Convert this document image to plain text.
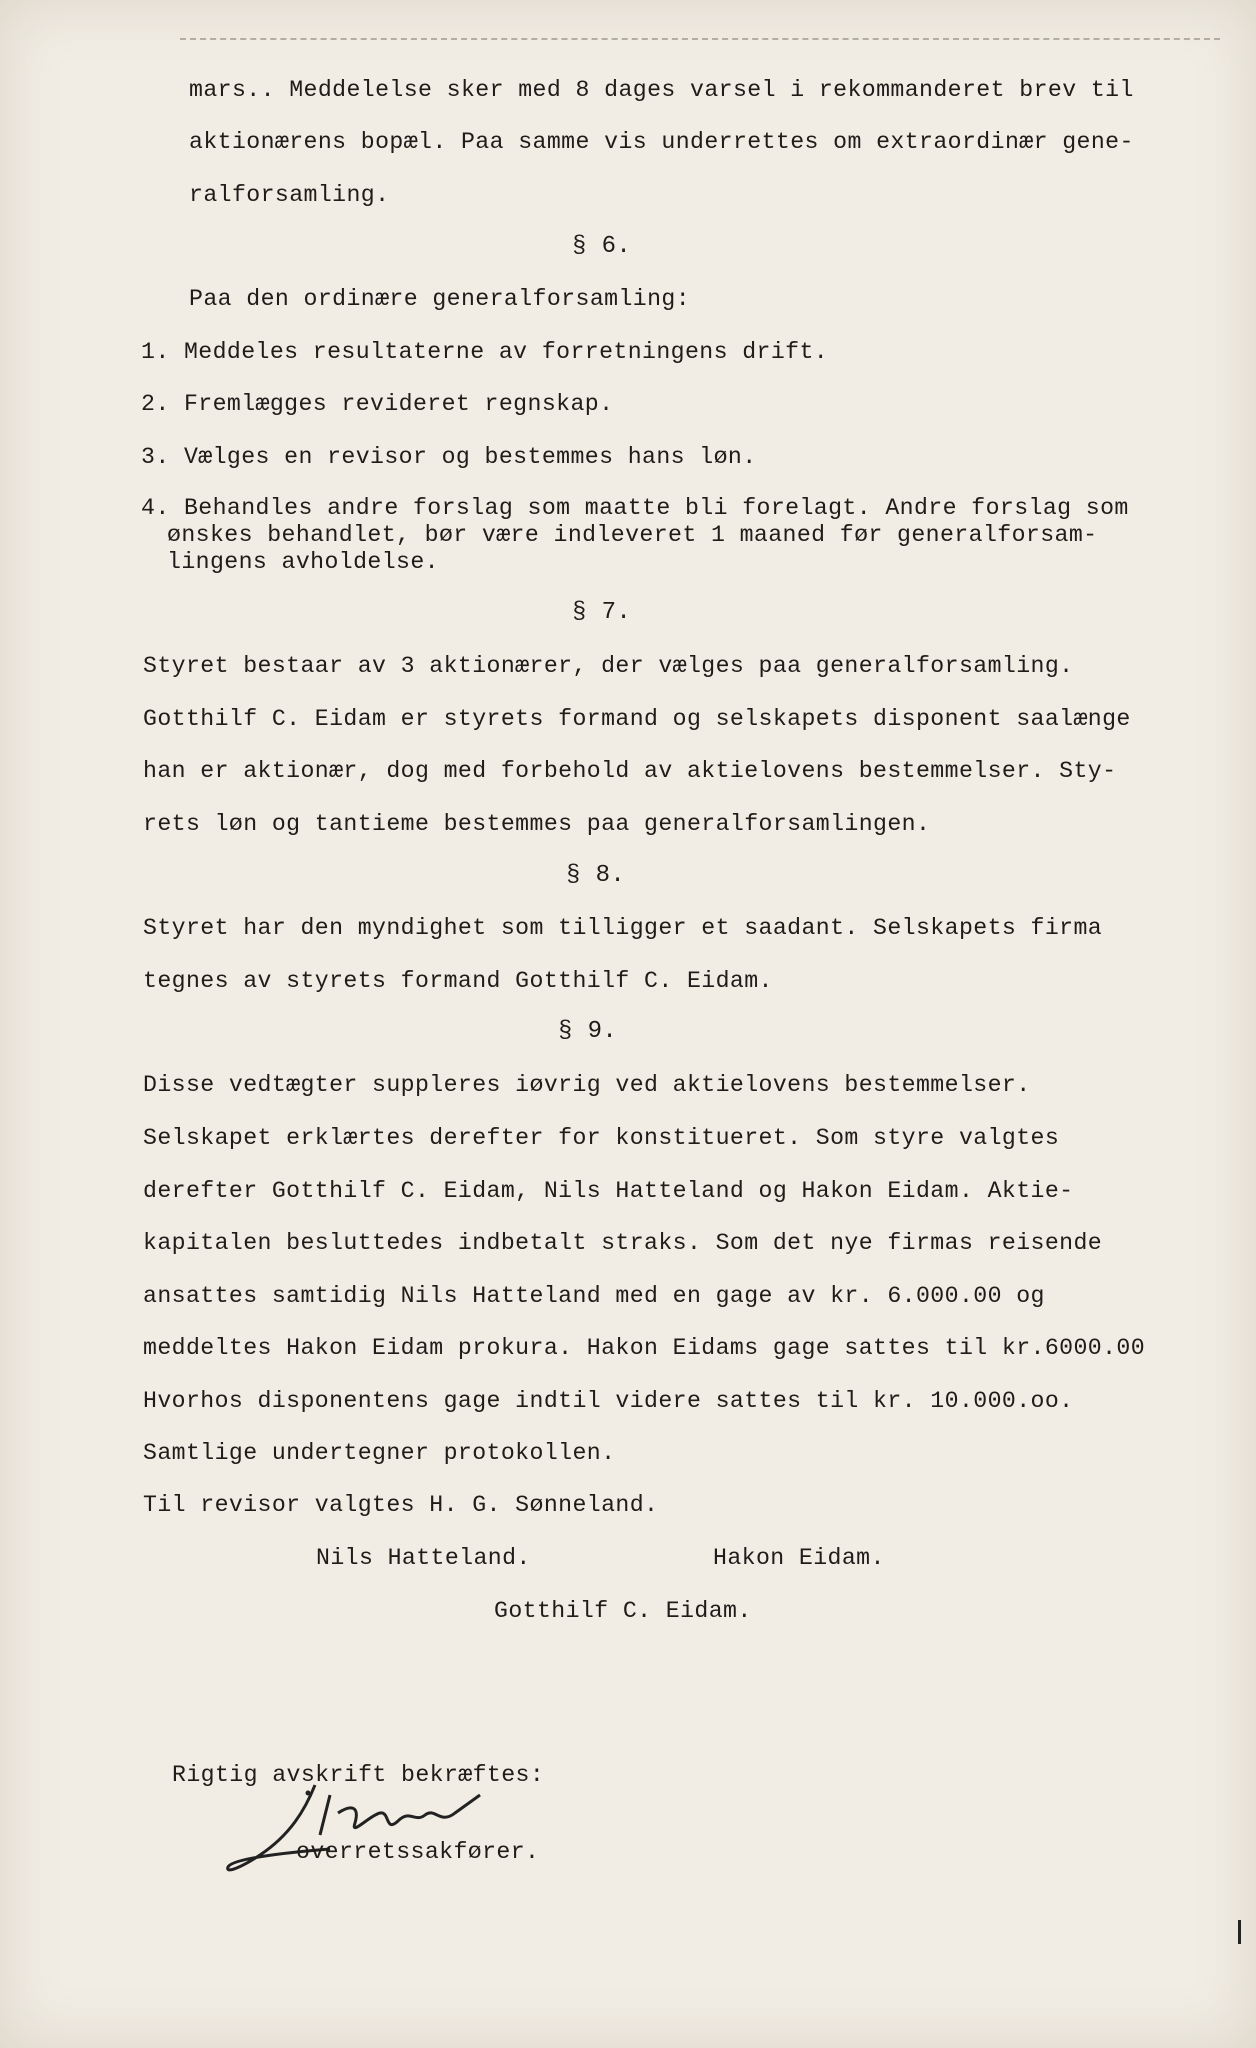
mars.. Meddelelse sker med 8 dages varsel i rekommanderet brev til
aktionærens bopæl. Paa samme vis underrettes om extraordinær gene-
ralforsamling.
§ 6.
Paa den ordinære generalforsamling:
1. Meddeles resultaterne av forretningens drift.
2. Fremlægges revideret regnskap.
3. Vælges en revisor og bestemmes hans løn.
4. Behandles andre forslag som maatte bli forelagt. Andre forslag som
ønskes behandlet, bør være indleveret 1 maaned før generalforsam-
lingens avholdelse.
§ 7.
Styret bestaar av 3 aktionærer, der vælges paa generalforsamling.
Gotthilf C. Eidam er styrets formand og selskapets disponent saalænge
han er aktionær, dog med forbehold av aktielovens bestemmelser. Sty-
rets løn og tantieme bestemmes paa generalforsamlingen.
§ 8.
Styret har den myndighet som tilligger et saadant. Selskapets firma
tegnes av styrets formand Gotthilf C. Eidam.
§ 9.
Disse vedtægter suppleres iøvrig ved aktielovens bestemmelser.
Selskapet erklærtes derefter for konstitueret. Som styre valgtes
derefter Gotthilf C. Eidam, Nils Hatteland og Hakon Eidam. Aktie-
kapitalen besluttedes indbetalt straks. Som det nye firmas reisende
ansattes samtidig Nils Hatteland med en gage av kr. 6.000.00 og
meddeltes Hakon Eidam prokura. Hakon Eidams gage sattes til kr.6000.00
Hvorhos disponentens gage indtil videre sattes til kr. 10.000.oo.
Samtlige undertegner protokollen.
Til revisor valgtes H. G. Sønneland.
Nils Hatteland.	Hakon Eidam.
Gotthilf C. Eidam.
Rigtig avskrift bekræftes:
overretssakfører.
